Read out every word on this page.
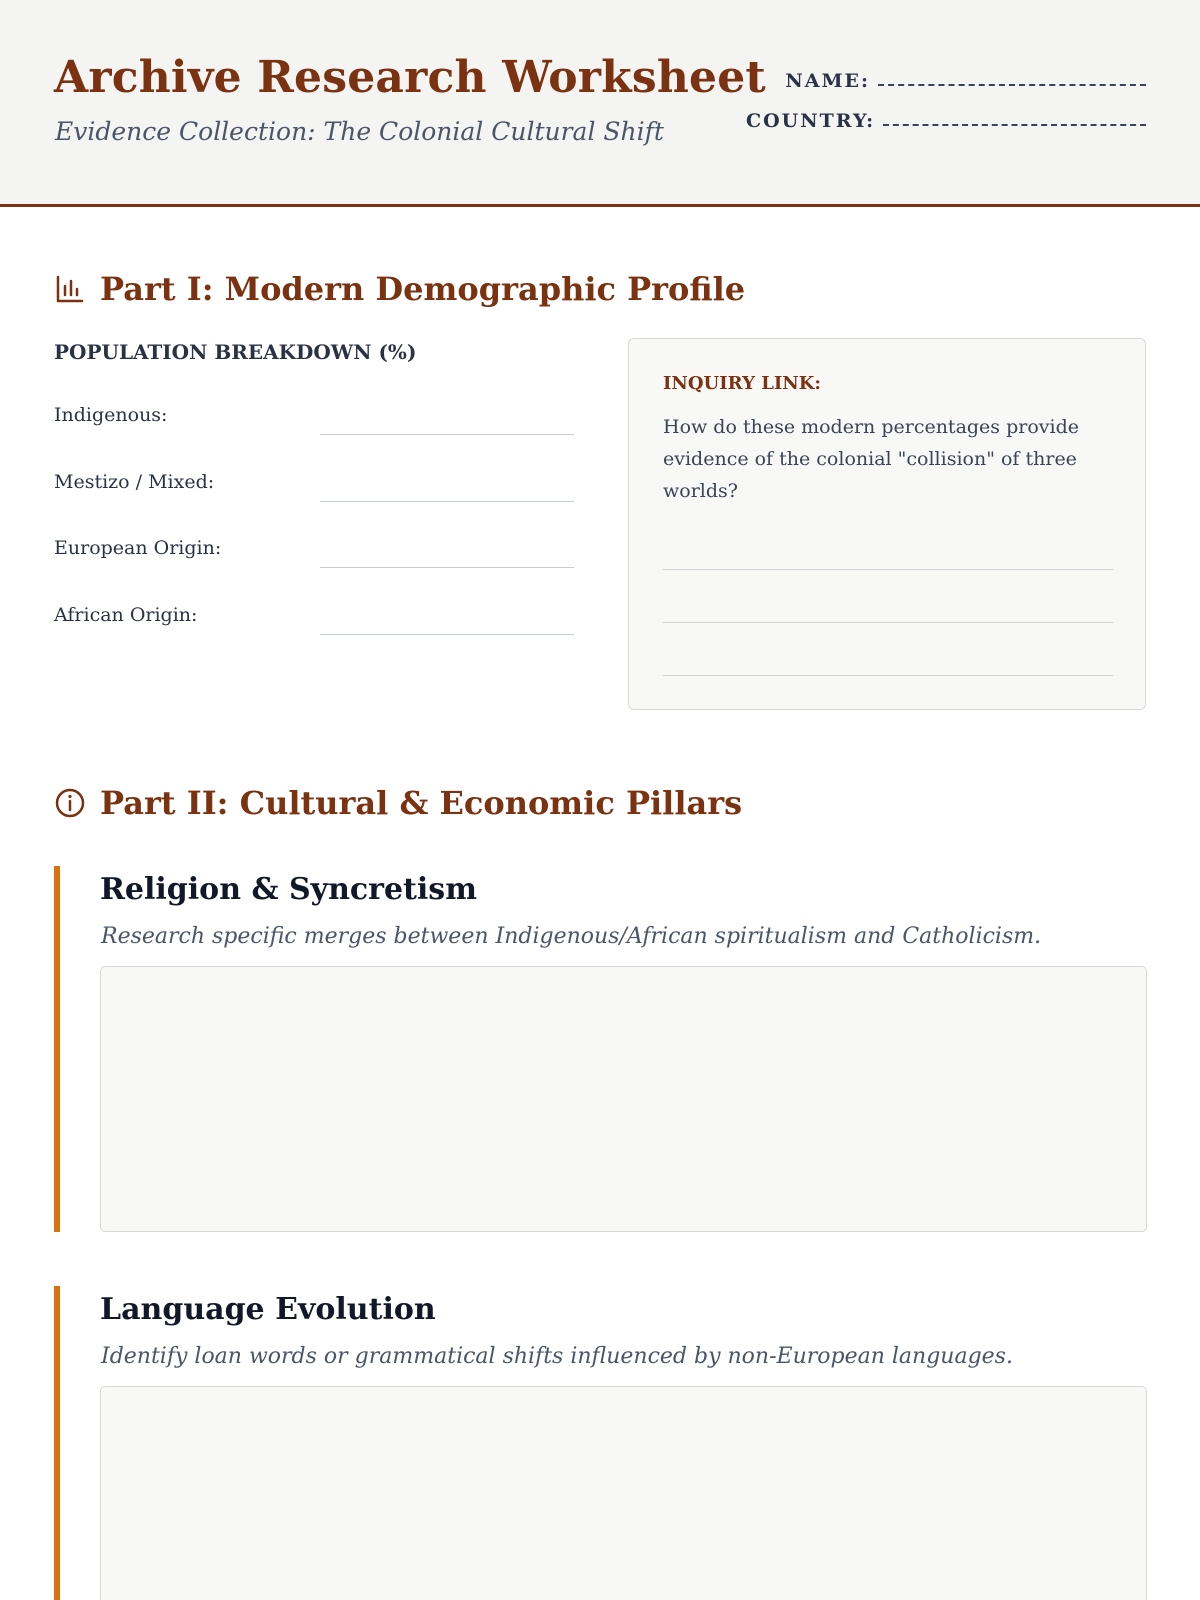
Archive Research Worksheet
Evidence Collection: The Colonial Cultural Shift
NAME:
COUNTRY:
Part I: Modern Demographic Profile
POPULATION BREAKDOWN (%)
Indigenous:
Mestizo / Mixed:
European Origin:
African Origin:
INQUIRY LINK:
How do these modern percentages provide evidence of the colonial "collision" of three worlds?
Part II: Cultural & Economic Pillars
Religion & Syncretism
Research specific merges between Indigenous/African spiritualism and Catholicism.
Language Evolution
Identify loan words or grammatical shifts influenced by non-European languages.
